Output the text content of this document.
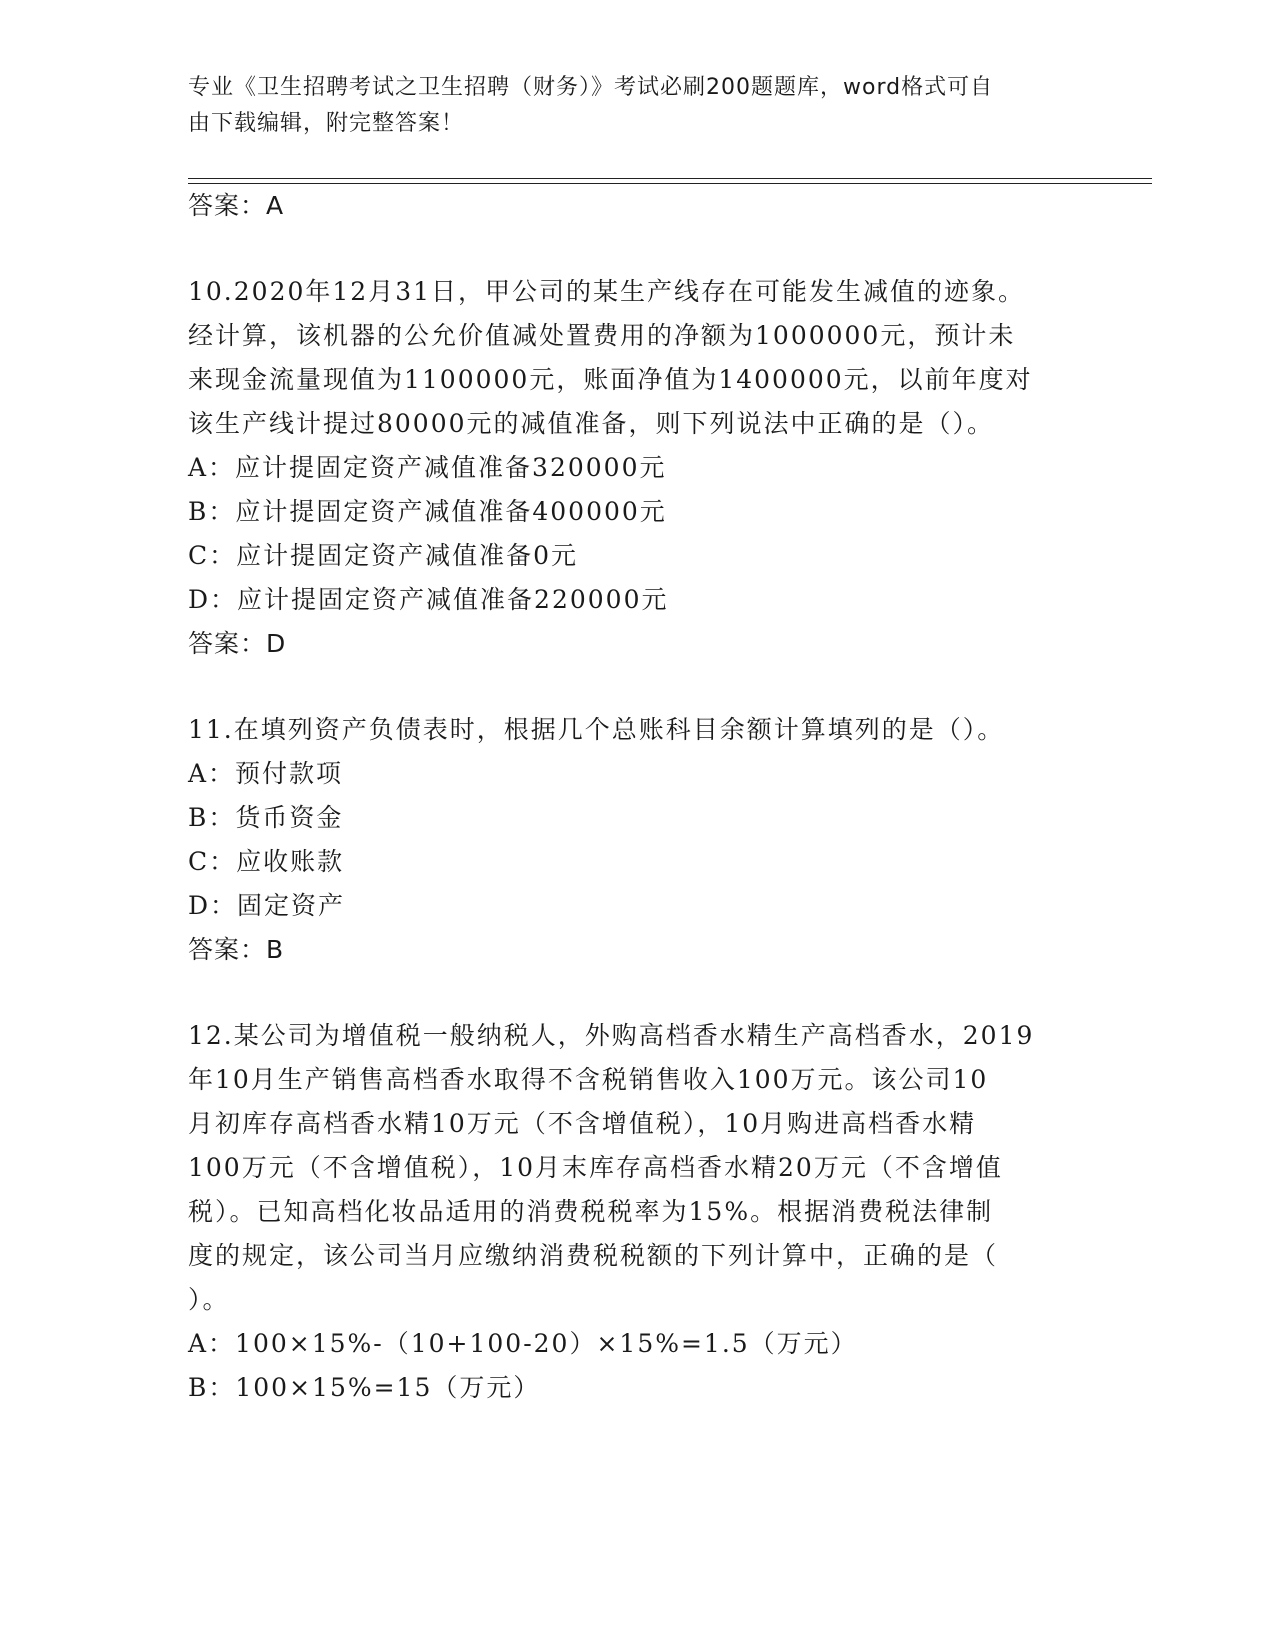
专业《卫生招聘考试之卫生招聘（财务）》考试必刷200题题库，word格式可自
由下载编辑，附完整答案！
答案：A
10.2020年12月31日，甲公司的某生产线存在可能发生减值的迹象。
经计算，该机器的公允价值减处置费用的净额为1000000元，预计未
来现金流量现值为1100000元，账面净值为1400000元，以前年度对
该生产线计提过80000元的减值准备，则下列说法中正确的是（）。
A：应计提固定资产减值准备320000元
B：应计提固定资产减值准备400000元
C：应计提固定资产减值准备0元
D：应计提固定资产减值准备220000元
答案：D
11.在填列资产负债表时，根据几个总账科目余额计算填列的是（）。
A：预付款项
B：货币资金
C：应收账款
D：固定资产
答案：B
12.某公司为增值税一般纳税人，外购高档香水精生产高档香水，2019
年10月生产销售高档香水取得不含税销售收入100万元。该公司10
月初库存高档香水精10万元（不含增值税），10月购进高档香水精
100万元（不含增值税），10月末库存高档香水精20万元（不含增值
税）。已知高档化妆品适用的消费税税率为15%。根据消费税法律制
度的规定，该公司当月应缴纳消费税税额的下列计算中，正确的是（
）。
A：100×15%-（10+100-20）×15%=1.5（万元）
B：100×15%=15（万元）
